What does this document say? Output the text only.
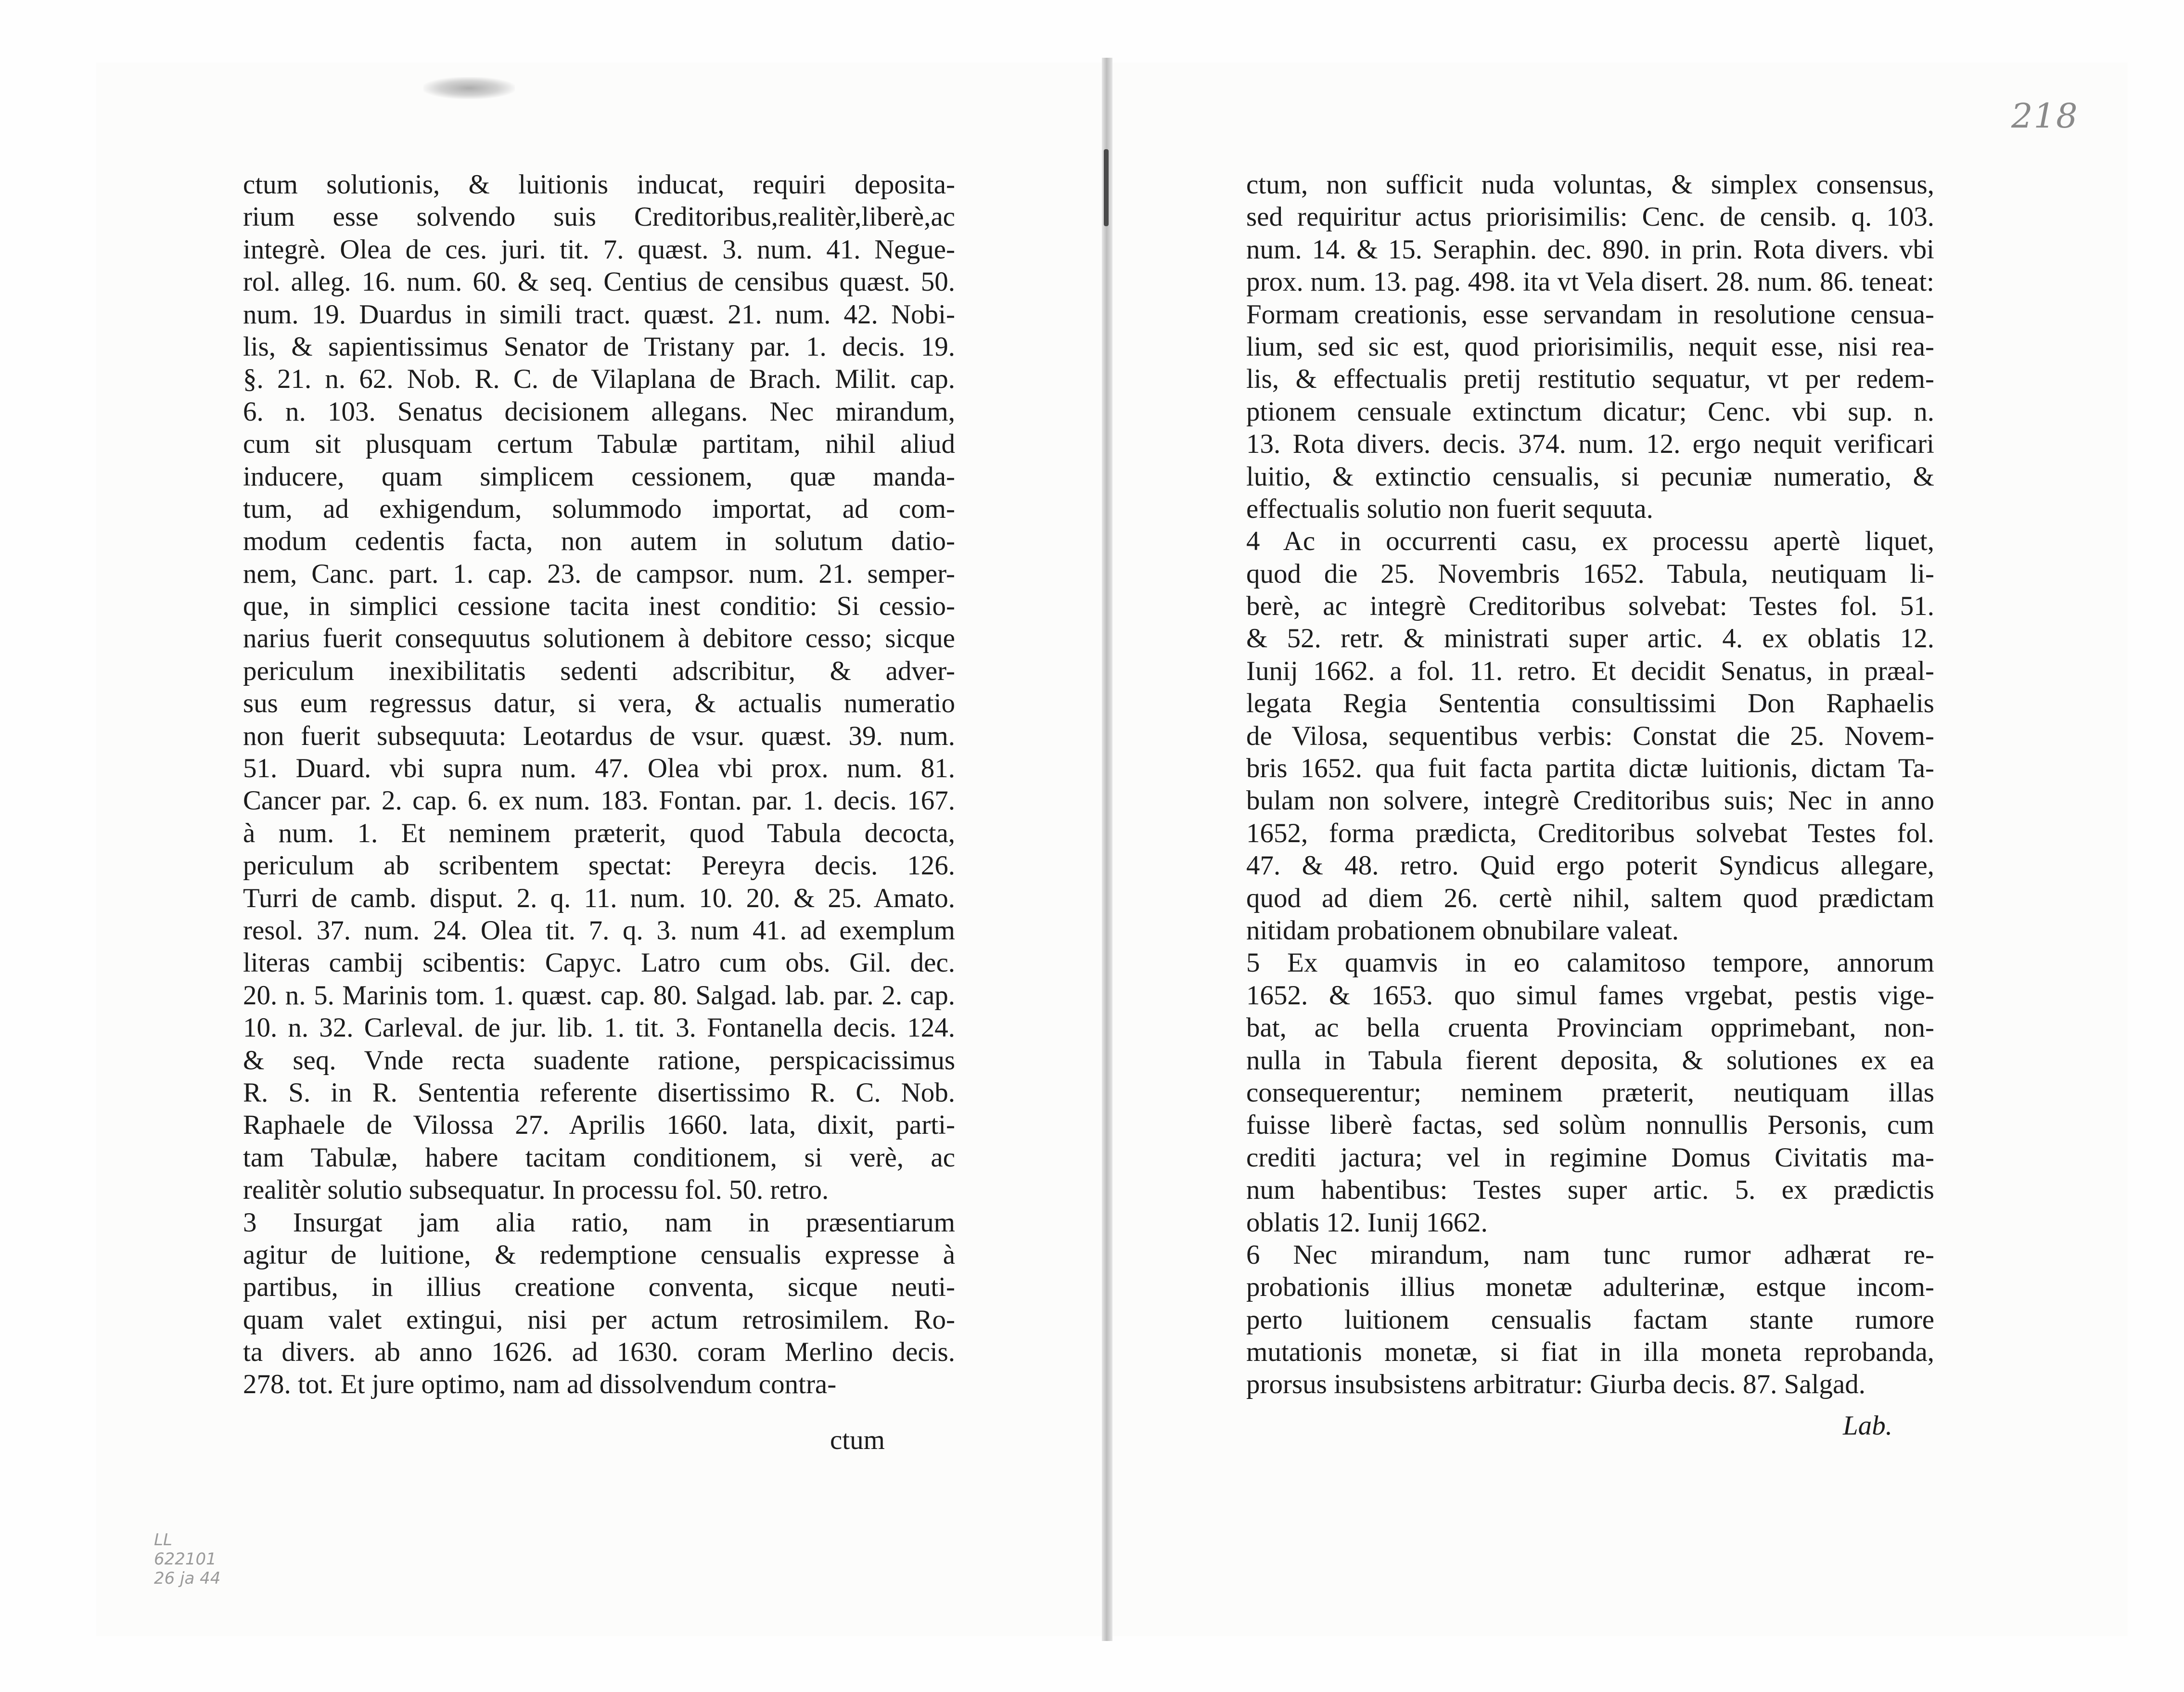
218
ctum solutionis, & luitionis inducat, requiri deposita-
rium esse solvendo suis Creditoribus,realitèr,liberè,ac
integrè. Olea de ces. juri. tit. 7. quæst. 3. num. 41. Negue-
rol. alleg. 16. num. 60. & seq. Centius de censibus quæst. 50.
num. 19. Duardus in simili tract. quæst. 21. num. 42. Nobi-
lis, & sapientissimus Senator de Tristany par. 1. decis. 19.
§. 21. n. 62. Nob. R. C. de Vilaplana de Brach. Milit. cap.
6. n. 103. Senatus decisionem allegans. Nec mirandum,
cum sit plusquam certum Tabulæ partitam, nihil aliud
inducere, quam simplicem cessionem, quæ manda-
tum, ad exhigendum, solummodo importat, ad com-
modum cedentis facta, non autem in solutum datio-
nem, Canc. part. 1. cap. 23. de campsor. num. 21. semper-
que, in simplici cessione tacita inest conditio: Si cessio-
narius fuerit consequutus solutionem à debitore cesso; sicque
periculum inexibilitatis sedenti adscribitur, & adver-
sus eum regressus datur, si vera, & actualis numeratio
non fuerit subsequuta: Leotardus de vsur. quæst. 39. num.
51. Duard. vbi supra num. 47. Olea vbi prox. num. 81.
Cancer par. 2. cap. 6. ex num. 183. Fontan. par. 1. decis. 167.
à num. 1. Et neminem præterit, quod Tabula decocta,
periculum ab scribentem spectat: Pereyra decis. 126.
Turri de camb. disput. 2. q. 11. num. 10. 20. & 25. Amato.
resol. 37. num. 24. Olea tit. 7. q. 3. num 41. ad exemplum
literas cambij scibentis: Capyc. Latro cum obs. Gil. dec.
20. n. 5. Marinis tom. 1. quæst. cap. 80. Salgad. lab. par. 2. cap.
10. n. 32. Carleval. de jur. lib. 1. tit. 3. Fontanella decis. 124.
& seq. Vnde recta suadente ratione, perspicacissimus
R. S. in R. Sententia referente disertissimo R. C. Nob.
Raphaele de Vilossa 27. Aprilis 1660. lata, dixit, parti-
tam Tabulæ, habere tacitam conditionem, si verè, ac
realitèr solutio subsequatur. In processu fol. 50. retro.
3 Insurgat jam alia ratio, nam in præsentiarum
agitur de luitione, & redemptione censualis expresse à
partibus, in illius creatione conventa, sicque neuti-
quam valet extingui, nisi per actum retrosimilem. Ro-
ta divers. ab anno 1626. ad 1630. coram Merlino decis.
278. tot. Et jure optimo, nam ad dissolvendum contra-
ctum
ctum, non sufficit nuda voluntas, & simplex consensus,
sed requiritur actus priorisimilis: Cenc. de censib. q. 103.
num. 14. & 15. Seraphin. dec. 890. in prin. Rota divers. vbi
prox. num. 13. pag. 498. ita vt Vela disert. 28. num. 86. teneat:
Formam creationis, esse servandam in resolutione censua-
lium, sed sic est, quod priorisimilis, nequit esse, nisi rea-
lis, & effectualis pretij restitutio sequatur, vt per redem-
ptionem censuale extinctum dicatur; Cenc. vbi sup. n.
13. Rota divers. decis. 374. num. 12. ergo nequit verificari
luitio, & extinctio censualis, si pecuniæ numeratio, &
effectualis solutio non fuerit sequuta.
4 Ac in occurrenti casu, ex processu apertè liquet,
quod die 25. Novembris 1652. Tabula, neutiquam li-
berè, ac integrè Creditoribus solvebat: Testes fol. 51.
& 52. retr. & ministrati super artic. 4. ex oblatis 12.
Iunij 1662. a fol. 11. retro. Et decidit Senatus, in præal-
legata Regia Sententia consultissimi Don Raphaelis
de Vilosa, sequentibus verbis: Constat die 25. Novem-
bris 1652. qua fuit facta partita dictæ luitionis, dictam Ta-
bulam non solvere, integrè Creditoribus suis; Nec in anno
1652, forma prædicta, Creditoribus solvebat Testes fol.
47. & 48. retro. Quid ergo poterit Syndicus allegare,
quod ad diem 26. certè nihil, saltem quod prædictam
nitidam probationem obnubilare valeat.
5 Ex quamvis in eo calamitoso tempore, annorum
1652. & 1653. quo simul fames vrgebat, pestis vige-
bat, ac bella cruenta Provinciam opprimebant, non-
nulla in Tabula fierent deposita, & solutiones ex ea
consequerentur; neminem præterit, neutiquam illas
fuisse liberè factas, sed solùm nonnullis Personis, cum
crediti jactura; vel in regimine Domus Civitatis ma-
num habentibus: Testes super artic. 5. ex prædictis
oblatis 12. Iunij 1662.
6 Nec mirandum, nam tunc rumor adhærat re-
probationis illius monetæ adulterinæ, estque incom-
perto luitionem censualis factam stante rumore
mutationis monetæ, si fiat in illa moneta reprobanda,
prorsus insubsistens arbitratur: Giurba decis. 87. Salgad.
Lab.
LL
622101
26 ja 44
